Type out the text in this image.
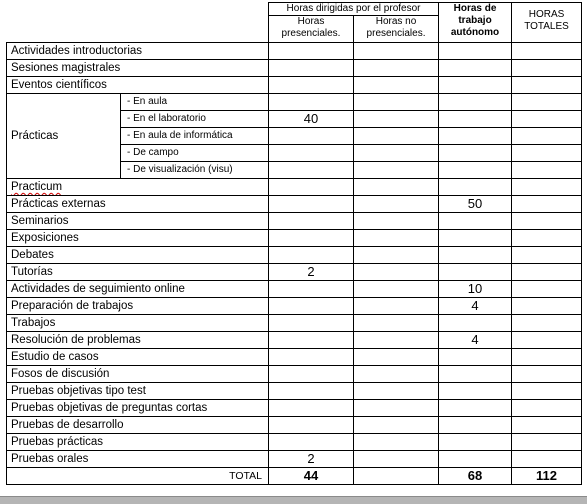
		Horas dirigidas por el profesor		Horas de trabajo autónomo	HORAS TOTALES
		Horas presenciales.	Horas no presenciales.		
Actividades introductorias					
Sesiones magistrales					
Eventos científicos					
Prácticas	- En aula				
	- En el laboratorio	40			
	- En aula de informática				
	- De campo				
	- De visualización (visu)				
Practicum					
Prácticas externas				50	
Seminarios					
Exposiciones					
Debates					
Tutorías		2			
Actividades de seguimiento online				10	
Preparación de trabajos				4	
Trabajos					
Resolución de problemas				4	
Estudio de casos					
Fosos de discusión					
Pruebas objetivas tipo test					
Pruebas objetivas de preguntas cortas					
Pruebas de desarrollo					
Pruebas prácticas					
Pruebas orales		2			
TOTAL		44		68	112
